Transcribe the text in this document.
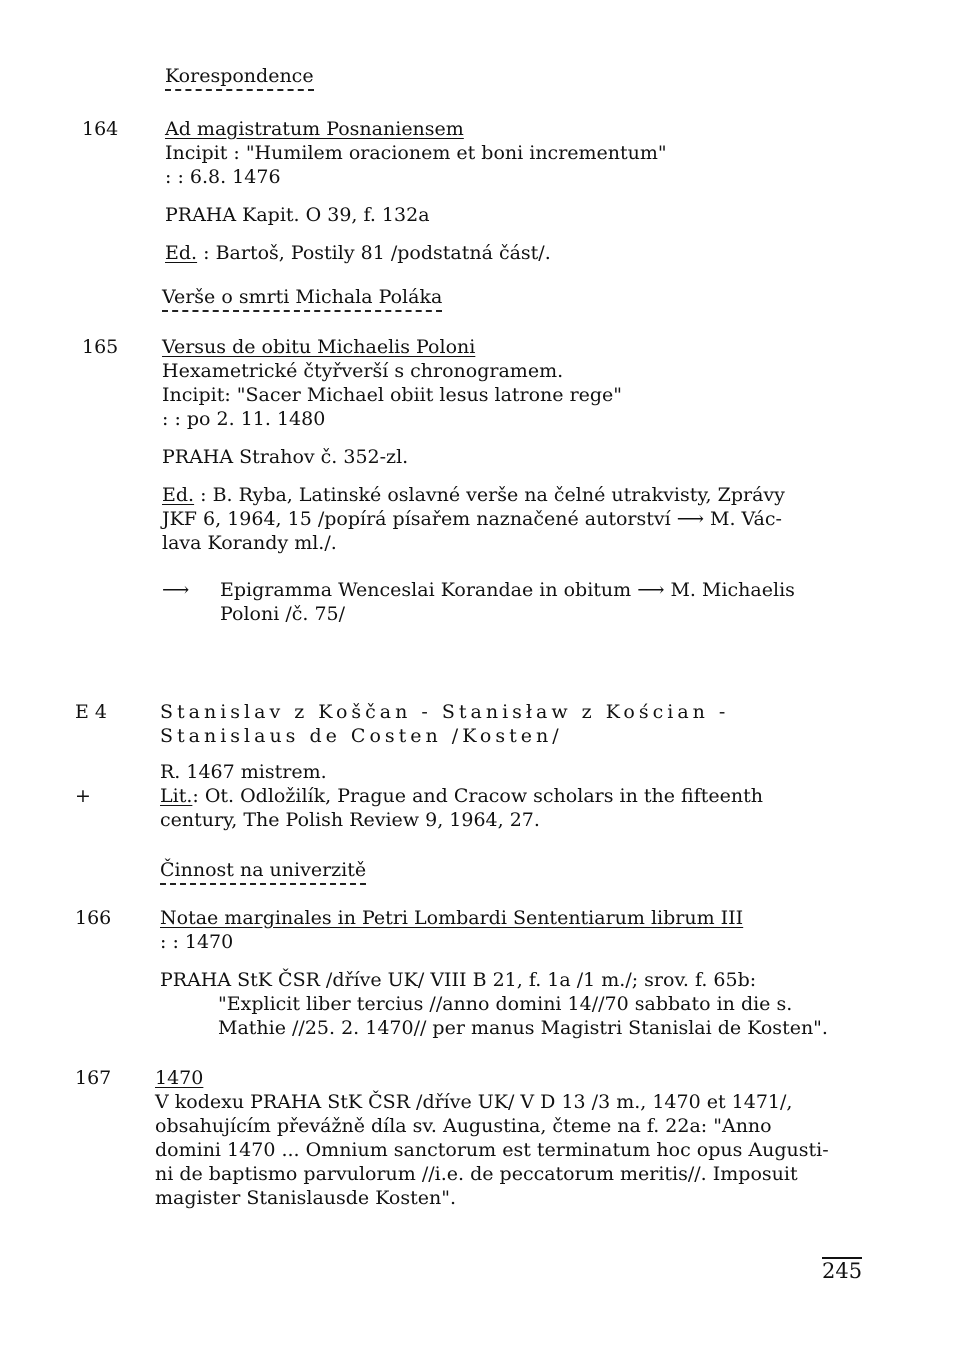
Korespondence
164	Ad magistratum Posnaniensem
Incipit : "Humilem oracionem et boni incrementum"
: : 6.8. 1476
PRAHA Kapit. O 39, f. 132a
Ed. : Bartoš, Postily 81 /podstatná část/.
Verše o smrti Michala Poláka
165	Versus de obitu Michaelis Poloni
Hexametrické čtyřverší s chronogramem.
Incipit: "Sacer Michael obiit lesus latrone rege"
: : po 2. 11. 1480
PRAHA Strahov č. 352-zl.
Ed. : B. Ryba, Latinské oslavné verše na čelné utrakvisty, Zprávy
JKF 6, 1964, 15 /popírá písařem naznačené autorství ⟶ M. Vác-
lava Korandy ml./.
⟶ Epigramma Wenceslai Korandae in obitum ⟶ M. Michaelis
Poloni /č. 75/
E 4	Stanislav z Koščan - Stanisław z Kościan -
Stanislaus de Costen /Kosten/
R. 1467 mistrem.
Lit.: Ot. Odložilík, Prague and Cracow scholars in the fifteenth
century, The Polish Review 9, 1964, 27.
+
Činnost na univerzitě
166	Notae marginales in Petri Lombardi Sententiarum librum III
: : 1470
PRAHA StK ČSR /dříve UK/ VIII B 21, f. 1a /1 m./; srov. f. 65b:
"Explicit liber tercius //anno domini 14//70 sabbato in die s.
Mathie //25. 2. 1470// per manus Magistri Stanislai de Kosten".
167	1470
V kodexu PRAHA StK ČSR /dříve UK/ V D 13 /3 m., 1470 et 1471/,
obsahujícím převážně díla sv. Augustina, čteme na f. 22a: "Anno
domini 1470 ... Omnium sanctorum est terminatum hoc opus Augusti-
ni de baptismo parvulorum //i.e. de peccatorum meritis//. Imposuit
magister Stanislausde Kosten".
245
